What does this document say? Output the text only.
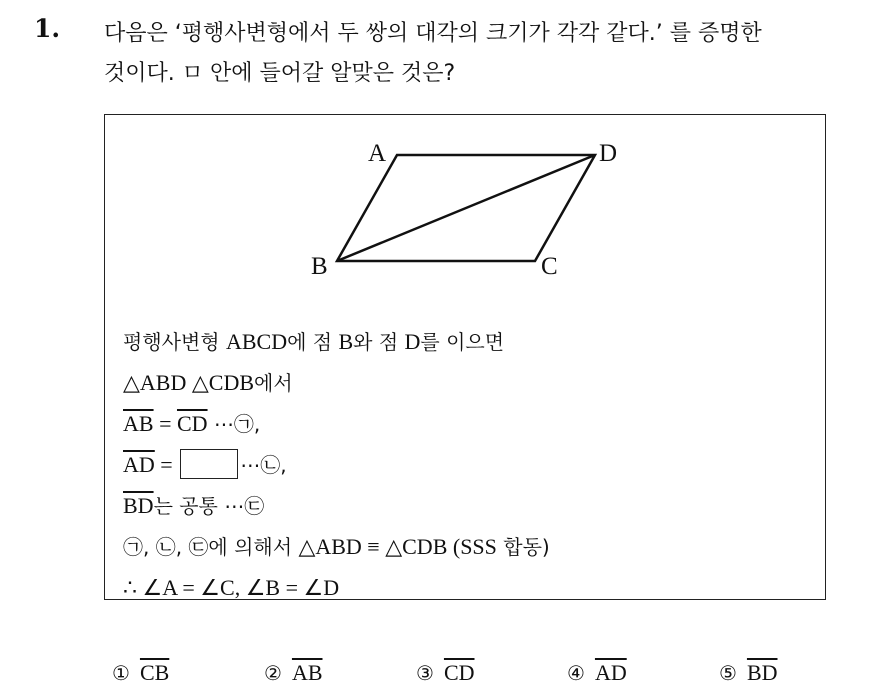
1. 다음은 ‘평행사변형에서 두 쌍의 대각의 크기가 각각 같다.’ 를 증명한
것이다. ㅁ 안에 들어갈 알맞은 것은?
A	D
B	C
평행사변형 ABCD에 점 B와 점 D를 이으면
△ABD △CDB에서
$\overline{AB} = \overline{CD}$ ⋯㉠,
$\overline{AD}$ =	⋯㉡,
$\overline{BD}$는 공통 ⋯㉢
㉠, ㉡, ㉢에 의해서 △ABD ≡ △CDB (SSS 합동)
∴ ∠A = ∠C, ∠B = ∠D
① $\overline{CB}$	② $\overline{AB}$	③ $\overline{CD}$	④ $\overline{AD}$	⑤ $\overline{BD}$
